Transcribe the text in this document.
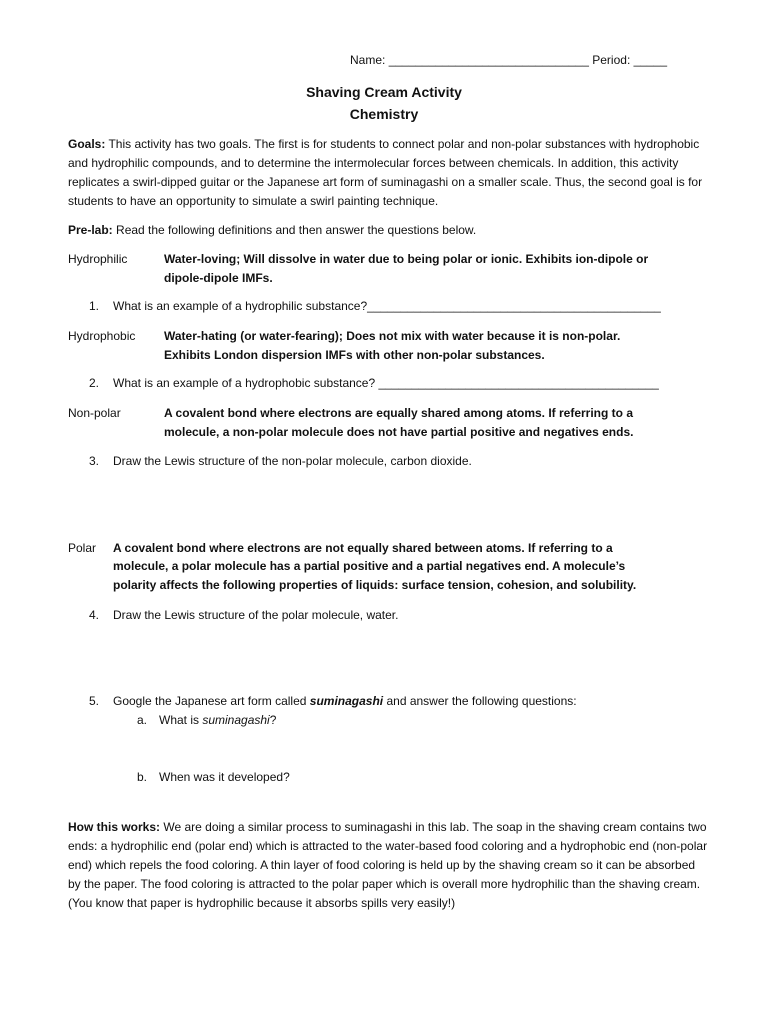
Name: ______________________________ Period: _____
Shaving Cream Activity
Chemistry

Goals: This activity has two goals. The first is for students to connect polar and non-polar substances with hydrophobic and hydrophilic compounds, and to determine the intermolecular forces between chemicals. In addition, this activity replicates a swirl-dipped guitar or the Japanese art form of suminagashi on a smaller scale. Thus, the second goal is for students to have an opportunity to simulate a swirl painting technique.

Pre-lab: Read the following definitions and then answer the questions below.
Hydrophilic	Water-loving; Will dissolve in water due to being polar or ionic. Exhibits ion-dipole or
dipole-dipole IMFs.
1. What is an example of a hydrophilic substance?____________________________________________
Hydrophobic Water-hating (or water-fearing); Does not mix with water because it is non-polar.
Exhibits London dispersion IMFs with other non-polar substances.
2. What is an example of a hydrophobic substance? __________________________________________
Non-polar	A covalent bond where electrons are equally shared among atoms. If referring to a
molecule, a non-polar molecule does not have partial positive and negatives ends.
3. Draw the Lewis structure of the non-polar molecule, carbon dioxide.
Polar A covalent bond where electrons are not equally shared between atoms. If referring to a
molecule, a polar molecule has a partial positive and a partial negatives end. A molecule’s
polarity affects the following properties of liquids: surface tension, cohesion, and solubility.
4. Draw the Lewis structure of the polar molecule, water.
5. Google the Japanese art form called suminagashi and answer the following questions:
a. What is suminagashi?
b. When was it developed?

How this works: We are doing a similar process to suminagashi in this lab. The soap in the shaving cream contains two ends: a hydrophilic end (polar end) which is attracted to the water-based food coloring and a hydrophobic end (non-polar end) which repels the food coloring. A thin layer of food coloring is held up by the shaving cream so it can be absorbed by the paper. The food coloring is attracted to the polar paper which is overall more hydrophilic than the shaving cream. (You know that paper is hydrophilic because it absorbs spills very easily!)
